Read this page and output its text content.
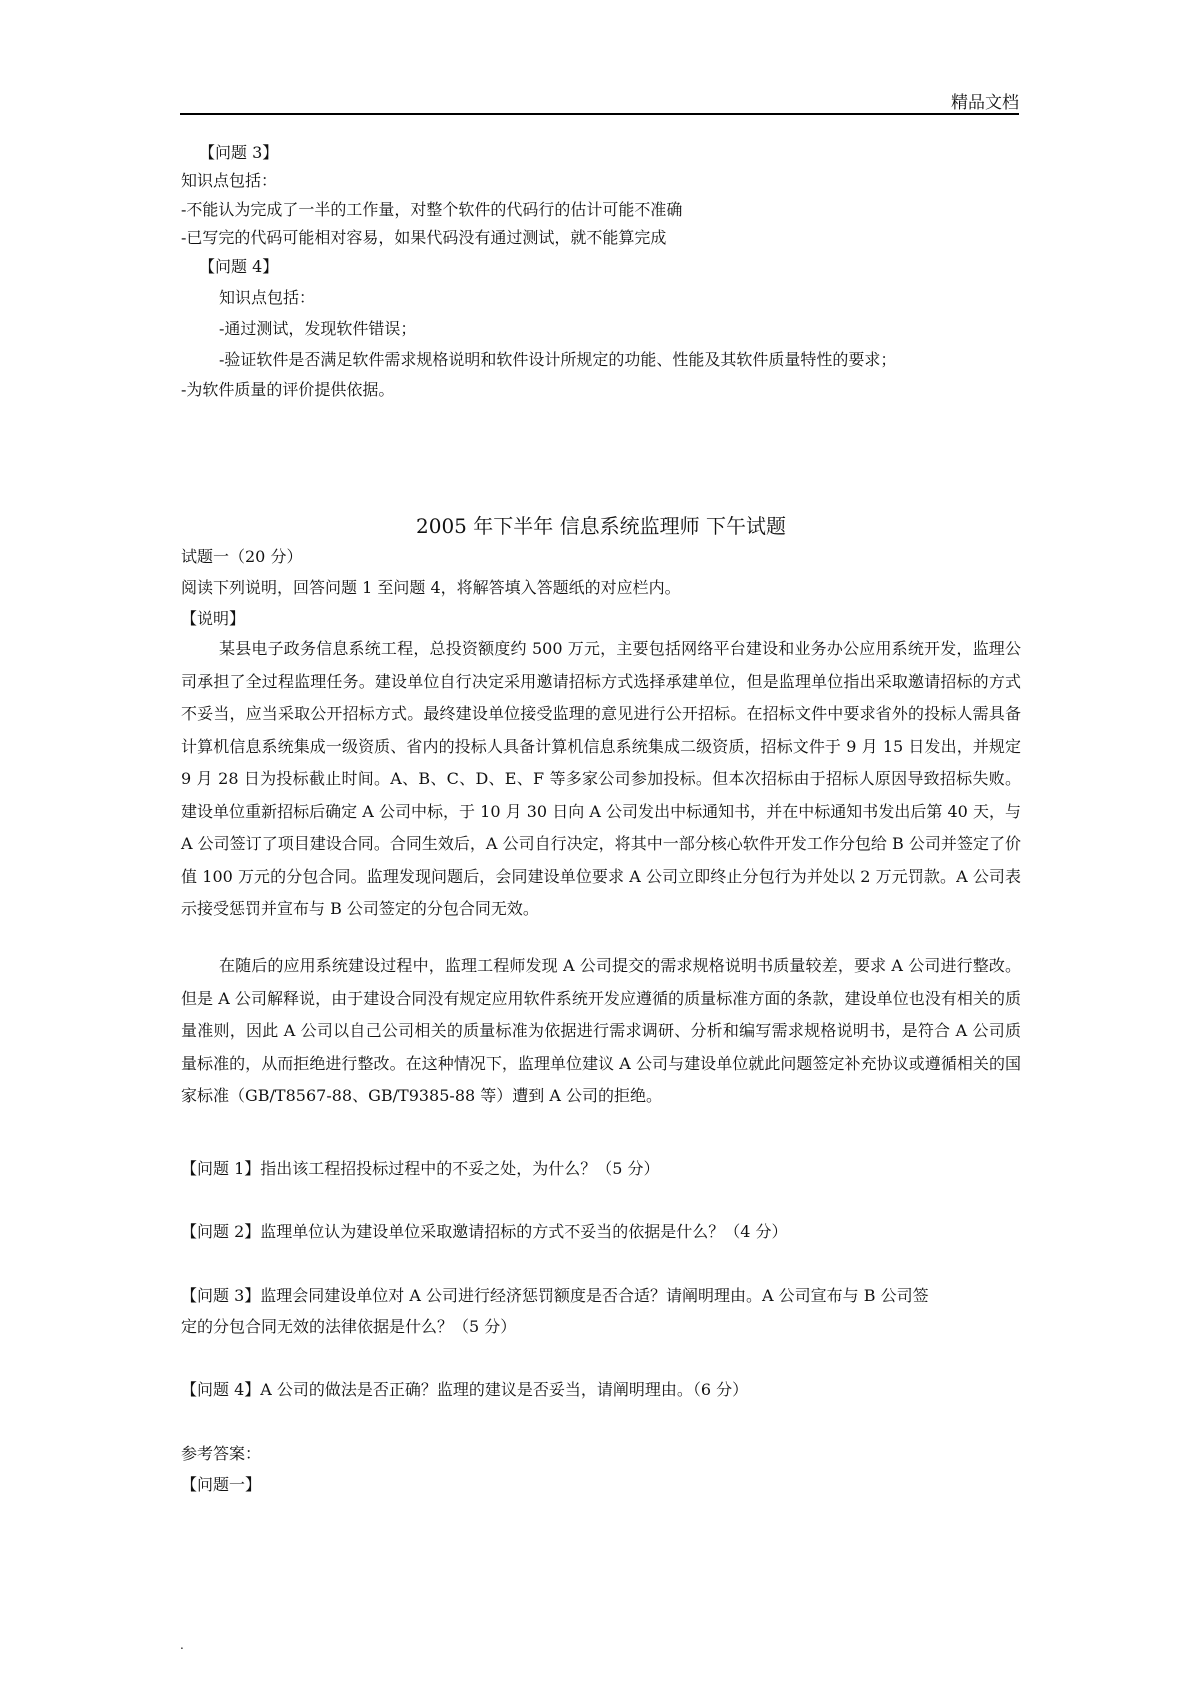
精品文档
【问题 3】
知识点包括：
-不能认为完成了一半的工作量，对整个软件的代码行的估计可能不准确
-已写完的代码可能相对容易，如果代码没有通过测试，就不能算完成
【问题 4】
知识点包括：
-通过测试，发现软件错误；
-验证软件是否满足软件需求规格说明和软件设计所规定的功能、性能及其软件质量特性的要求；
-为软件质量的评价提供依据。
2005 年下半年 信息系统监理师 下午试题
试题一（20 分）
阅读下列说明，回答问题 1 至问题 4，将解答填入答题纸的对应栏内。
【说明】
某县电子政务信息系统工程，总投资额度约 500 万元，主要包括网络平台建设和业务办公应用系统开发，监理公司承担了全过程监理任务。建设单位自行决定采用邀请招标方式选择承建单位，但是监理单位指出采取邀请招标的方式不妥当，应当采取公开招标方式。最终建设单位接受监理的意见进行公开招标。在招标文件中要求省外的投标人需具备计算机信息系统集成一级资质、省内的投标人具备计算机信息系统集成二级资质，招标文件于 9 月 15 日发出，并规定 9 月 28 日为投标截止时间。A、B、C、D、E、F 等多家公司参加投标。但本次招标由于招标人原因导致招标失败。建设单位重新招标后确定 A 公司中标，于 10 月 30 日向 A 公司发出中标通知书，并在中标通知书发出后第 40 天，与 A 公司签订了项目建设合同。合同生效后，A 公司自行决定，将其中一部分核心软件开发工作分包给 B 公司并签定了价值 100 万元的分包合同。监理发现问题后，会同建设单位要求 A 公司立即终止分包行为并处以 2 万元罚款。A 公司表示接受惩罚并宣布与 B 公司签定的分包合同无效。
在随后的应用系统建设过程中，监理工程师发现 A 公司提交的需求规格说明书质量较差，要求 A 公司进行整改。但是 A 公司解释说，由于建设合同没有规定应用软件系统开发应遵循的质量标准方面的条款，建设单位也没有相关的质量准则，因此 A 公司以自己公司相关的质量标准为依据进行需求调研、分析和编写需求规格说明书，是符合 A 公司质量标准的，从而拒绝进行整改。在这种情况下，监理单位建议 A 公司与建设单位就此问题签定补充协议或遵循相关的国家标准（GB/T8567-88、GB/T9385-88 等）遭到 A 公司的拒绝。
【问题 1】指出该工程招投标过程中的不妥之处，为什么？（5 分）
【问题 2】监理单位认为建设单位采取邀请招标的方式不妥当的依据是什么？（4 分）
【问题 3】监理会同建设单位对 A 公司进行经济惩罚额度是否合适？请阐明理由。A 公司宣布与 B 公司签
定的分包合同无效的法律依据是什么？（5 分）
【问题 4】A 公司的做法是否正确？监理的建议是否妥当，请阐明理由。（6 分）
参考答案：
【问题一】
.
